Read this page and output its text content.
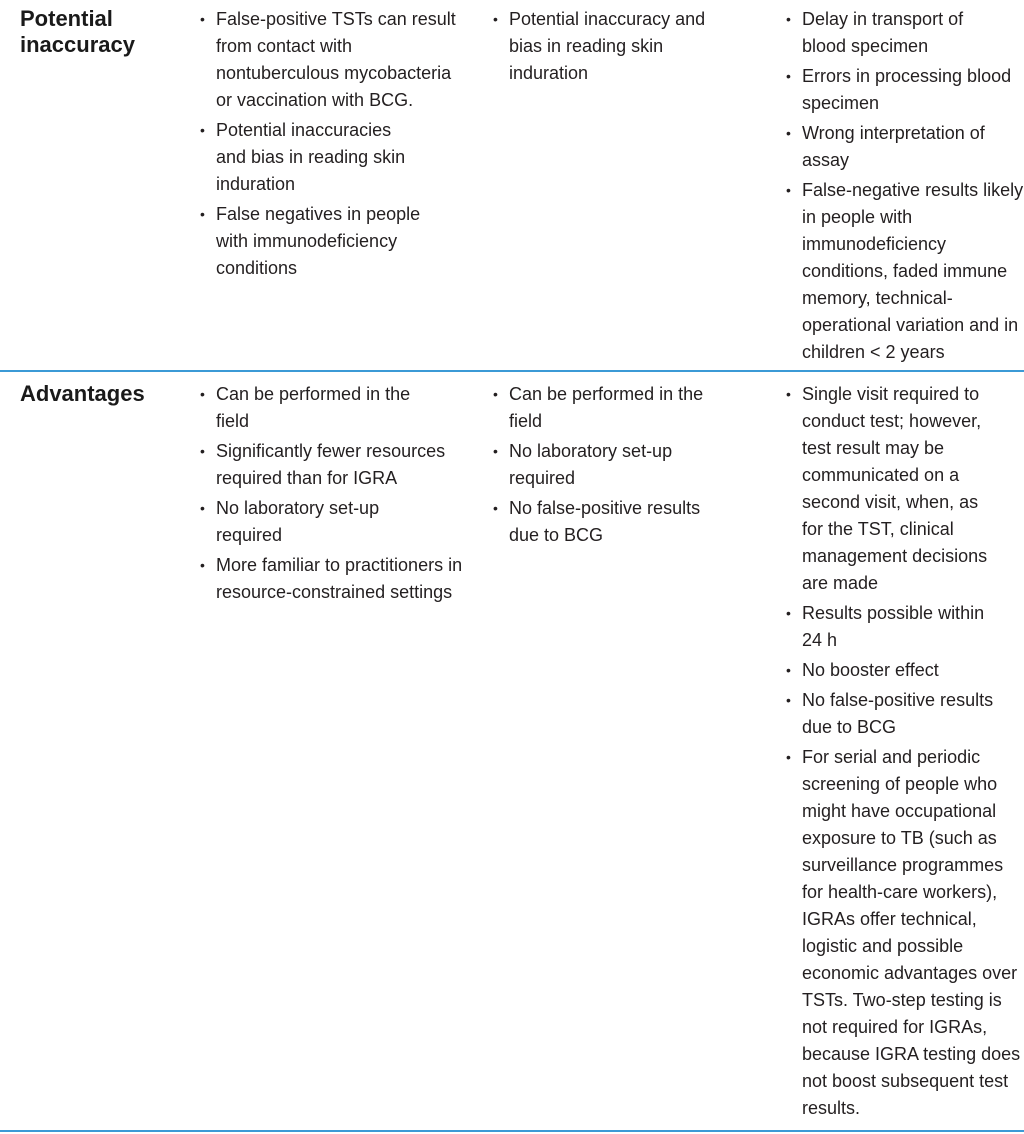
Potential inaccuracy
• False-positive TSTs can result from contact with nontuberculous mycobacteria or vaccination with BCG.
• Potential inaccuracies and bias in reading skin induration
• False negatives in people with immunodeficiency conditions
• Potential inaccuracy and bias in reading skin induration
• Delay in transport of blood specimen
• Errors in processing blood specimen
• Wrong interpretation of assay
• False-negative results likely in people with immunodeficiency conditions, faded immune memory, technical-operational variation and in children < 2 years
Advantages
•	Can be performed in the field
• Significantly fewer resources required than for IGRA
• No laboratory set-up required
• More familiar to practitioners in resource-constrained settings
• Can be performed in the field
• No laboratory set-up required
• No false-positive results due to BCG
• Single visit required to conduct test; however, test result may be communicated on a second visit, when, as for the TST, clinical management decisions are made
• Results possible within 24 h
• No booster effect
• No false-positive results due to BCG
• For serial and periodic screening of people who might have occupational exposure to TB (such as surveillance programmes for health-care workers), IGRAs offer technical, logistic and possible economic advantages over TSTs. Two-step testing is not required for IGRAs, because IGRA testing does not boost subsequent test results.
